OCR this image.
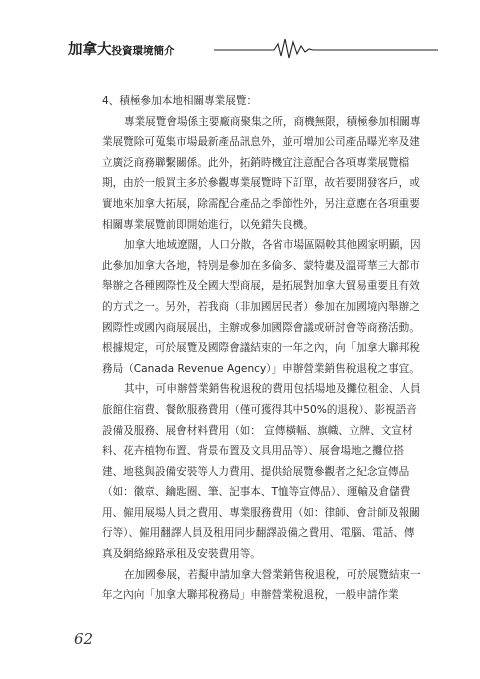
加拿大投資環境簡介
4、積極參加本地相關專業展覽：
專業展覽會場係主要廠商聚集之所，商機無限，積極參加相關專
業展覽除可蒐集市場最新產品訊息外，並可增加公司產品曝光率及建
立廣泛商務聯繫關係。此外，拓銷時機宜注意配合各項專業展覽檔
期，由於一般買主多於參觀專業展覽時下訂單，故若要開發客戶，或
實地來加拿大拓展，除需配合產品之季節性外，另注意應在各項重要
相關專業展覽前即開始進行，以免錯失良機。
加拿大地域遼闊，人口分散，各省市場區隔較其他國家明顯，因
此參加加拿大各地，特別是參加在多倫多、蒙特婁及溫哥華三大都市
舉辦之各種國際性及全國大型商展，是拓展對加拿大貿易重要且有效
的方式之一。另外，若我商（非加國居民者）參加在加國境內舉辦之
國際性或國內商展展出，主辦或參加國際會議或研討會等商務活動。
根據規定，可於展覽及國際會議結束的一年之內，向「加拿大聯邦稅
務局（Canada Revenue Agency）」申辦營業銷售稅退稅之事宜。
其中，可申辦營業銷售稅退稅的費用包括場地及攤位租金、人員
旅館住宿費、餐飲服務費用（僅可獲得其中50%的退稅）、影視語音
設備及服務、展會材料費用（如： 宣傳橫幅、旗幟、立牌、文宣材
料、花卉植物布置、背景布置及文具用品等）、展會場地之攤位搭
建、地毯與設備安裝等人力費用、提供給展覽參觀者之紀念宣傳品
（如：徽章、鑰匙圈、筆、記事本、T恤等宣傳品）、運輸及倉儲費
用、僱用展場人員之費用、專業服務費用（如：律師、會計師及報關
行等）、僱用翻譯人員及租用同步翻譯設備之費用、電腦、電話、傳
真及網絡線路承租及安裝費用等。
在加國參展，若擬申請加拿大營業銷售稅退稅，可於展覽結束一
年之內向「加拿大聯邦稅務局」申辦營業稅退稅，一般申請作業
62
